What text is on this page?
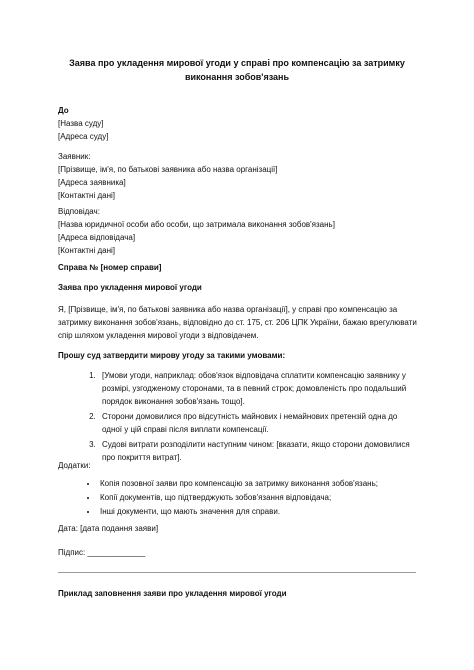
Заява про укладення мирової угоди у справі про компенсацію за затримку виконання зобов'язань
До
[Назва суду]
[Адреса суду]
Заявник:
[Прізвище, ім'я, по батькові заявника або назва організації]
[Адреса заявника]
[Контактні дані]
Відповідач:
[Назва юридичної особи або особи, що затримала виконання зобов'язань]
[Адреса відповідача]
[Контактні дані]
Справа № [номер справи]
Заява про укладення мирової угоди
Я, [Прізвище, ім'я, по батькові заявника або назва організації], у справі про компенсацію за затримку виконання зобов'язань, відповідно до ст. 175, ст. 206 ЦПК України, бажаю врегулювати спір шляхом укладення мирової угоди з відповідачем.
Прошу суд затвердити мирову угоду за такими умовами:
1. [Умови угоди, наприклад: обов'язок відповідача сплатити компенсацію заявнику у розмірі, узгодженому сторонами, та в певний строк; домовленість про подальший порядок виконання зобов'язань тощо].
2. Сторони домовилися про відсутність майнових і немайнових претензій одна до одної у цій справі після виплати компенсації.
3. Судові витрати розподілити наступним чином: [вказати, якщо сторони домовилися про покриття витрат].
Додатки:
• Копія позовної заяви про компенсацію за затримку виконання зобов'язань;
• Копії документів, що підтверджують зобов'язання відповідача;
• Інші документи, що мають значення для справи.
Дата: [дата подання заяви]
Підпис: _____________
Приклад заповнення заяви про укладення мирової угоди
